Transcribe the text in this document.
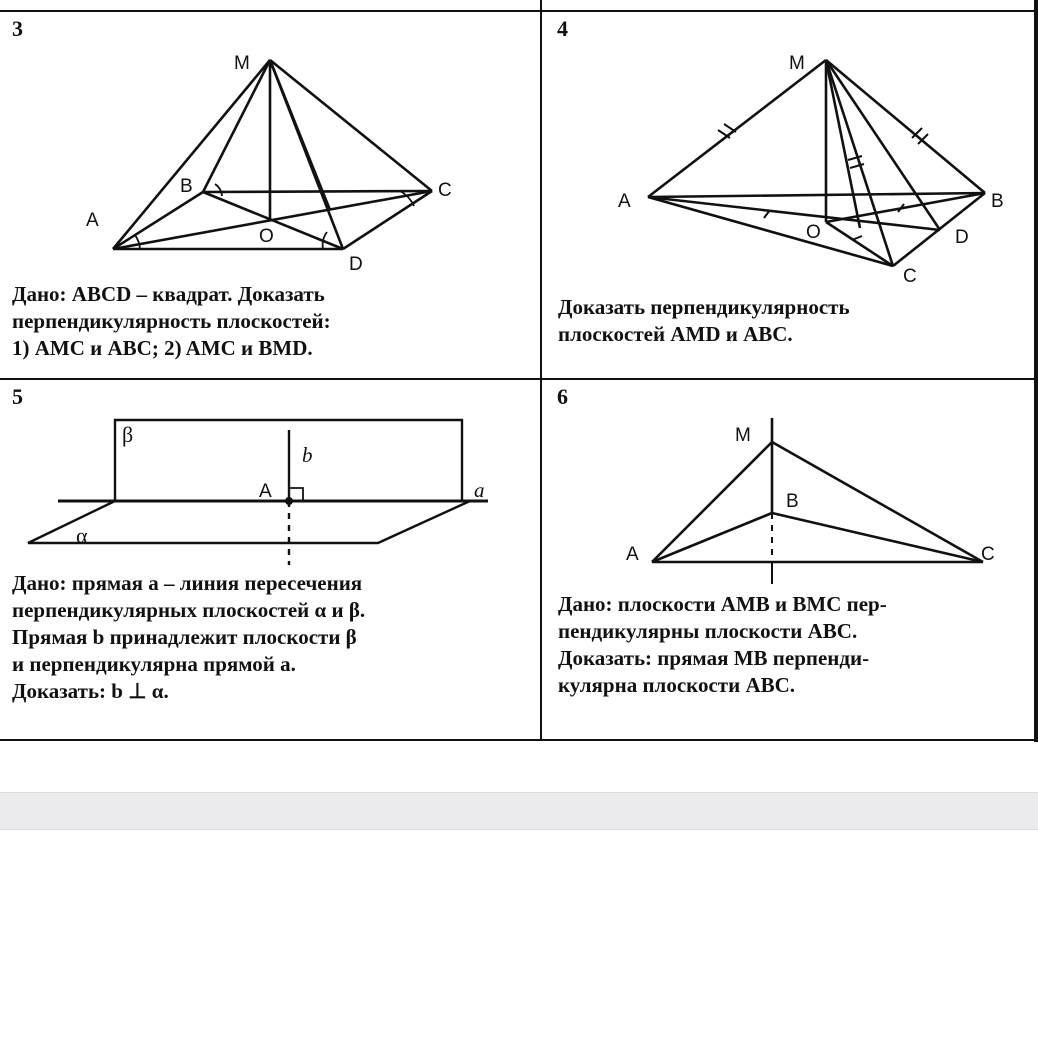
3
M
A
B	C
D
O
Дано: ABCD – квадрат. Доказать
перпендикулярность плоскостей:
1) AMC и ABC; 2) AMC и BMD.
4
M
A	B
C
D
O
Доказать перпендикулярность
плоскостей AMD и ABC.
5
β
α
b
a
A
Дано: прямая a – линия пересечения
перпендикулярных плоскостей α и β.
Прямая b принадлежит плоскости β
и перпендикулярна прямой a.
Доказать: b ⊥ α.
6
M
B
A	C
Дано: плоскости AMB и BMC пер-
пендикулярны плоскости ABC.
Доказать: прямая MB перпенди-
кулярна плоскости ABC.
